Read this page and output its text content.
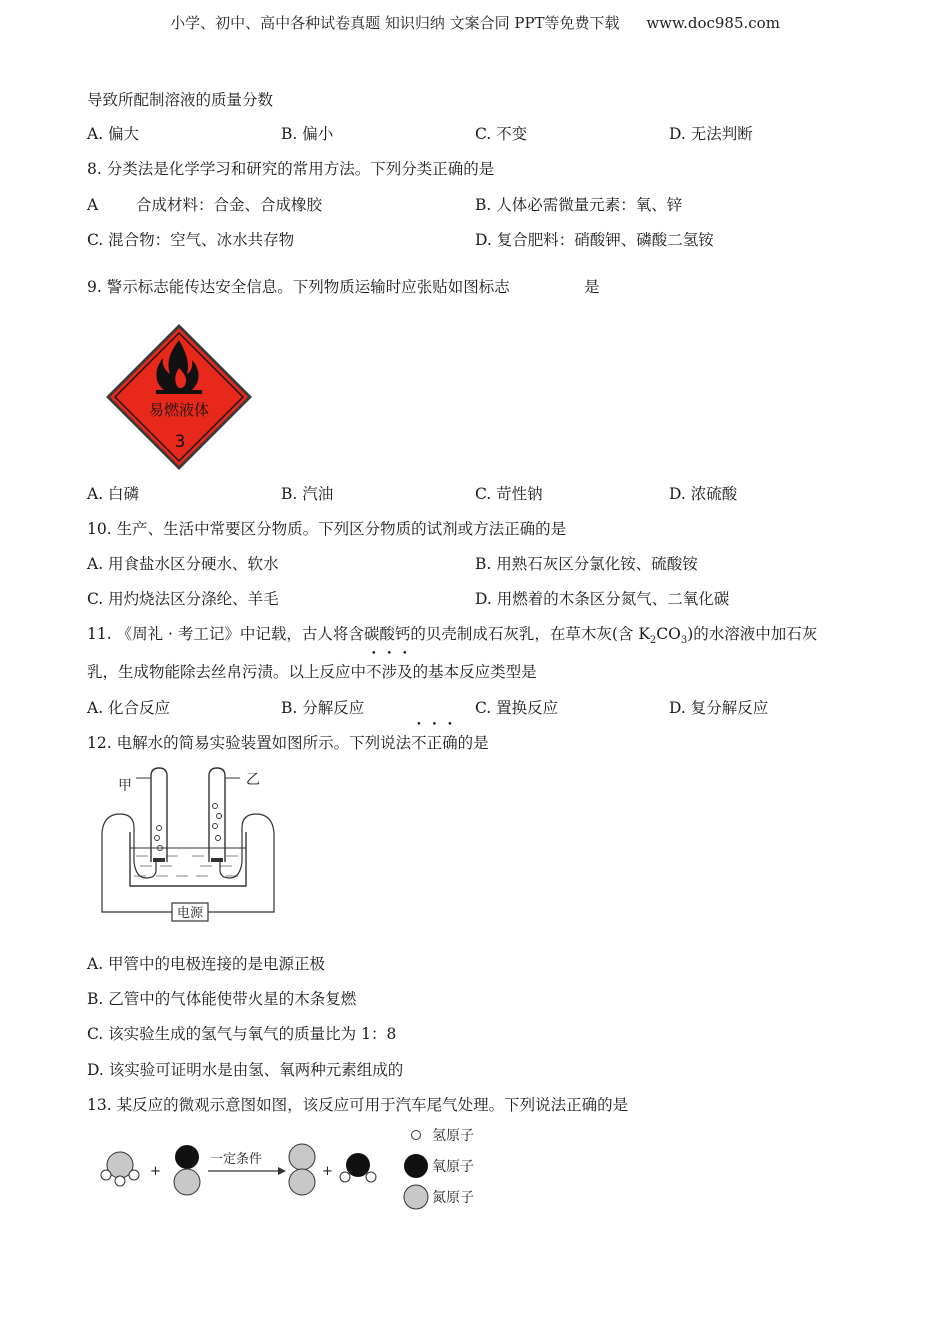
小学、初中、高中各种试卷真题 知识归纳 文案合同 PPT等免费下载 www.doc985.com
导致所配制溶液的质量分数
A. 偏大	B. 偏小	C. 不变	D. 无法判断
8. 分类法是化学学习和研究的常用方法。下列分类正确的是
A 合成材料：合金、合成橡胶	B. 人体必需微量元素：氧、锌
C. 混合物：空气、冰水共存物	D. 复合肥料：硝酸钾、磷酸二氢铵
9. 警示标志能传达安全信息。下列物质运输时应张贴如图标志	是
易燃液体
3
A. 白磷	B. 汽油	C. 苛性钠	D. 浓硫酸
10. 生产、生活中常要区分物质。下列区分物质的试剂或方法正确的是
A. 用食盐水区分硬水、软水	B. 用熟石灰区分氯化铵、硫酸铵
C. 用灼烧法区分涤纶、羊毛	D. 用燃着的木条区分氮气、二氧化碳
11. 《周礼 · 考工记》中记载，古人将含碳酸钙的贝壳制成石灰乳，在草木灰(含 $K_2CO_3$)的水溶液中加石灰
乳，生成物能除去丝帛污渍。以上反应中不涉及的基本反应类型是
A. 化合反应	B. 分解反应	C. 置换反应	D. 复分解反应
12. 电解水的简易实验装置如图所示。下列说法不正确的是
电源
甲	乙
A. 甲管中的电极连接的是电源正极
B. 乙管中的气体能使带火星的木条复燃
C. 该实验生成的氢气与氧气的质量比为 1：8
D. 该实验可证明水是由氢、氧两种元素组成的
13. 某反应的微观示意图如图，该反应可用于汽车尾气处理。下列说法正确的是
+
一定条件
+
氢原子
氧原子
氮原子
